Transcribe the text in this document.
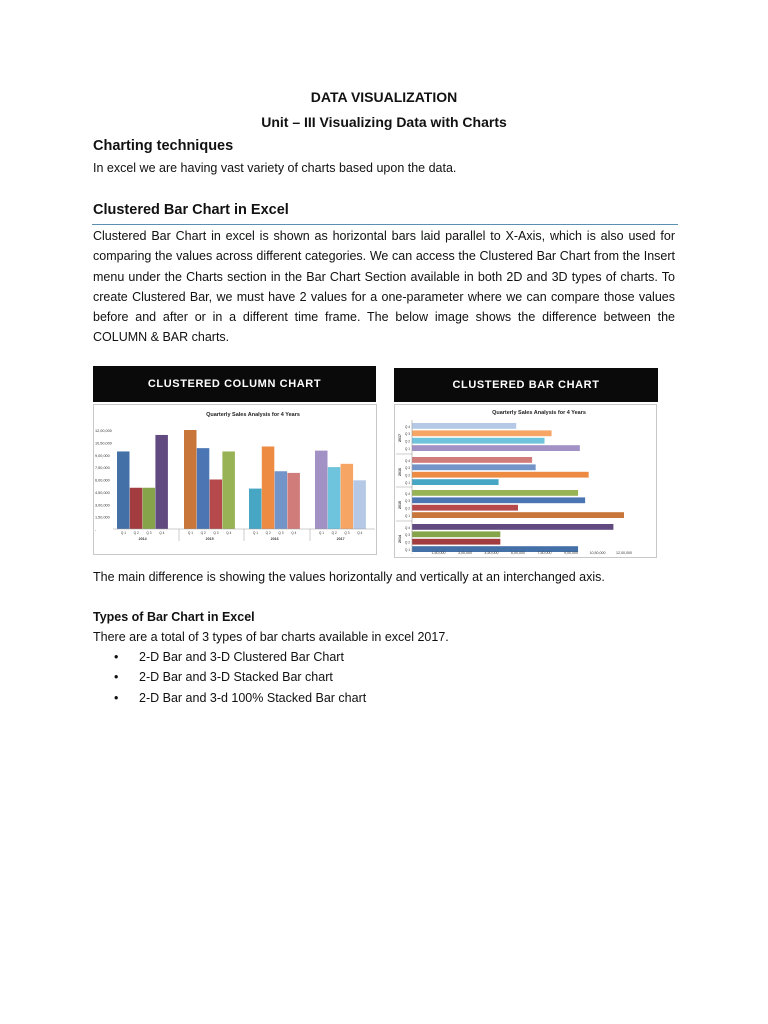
DATA VISUALIZATION
Unit – III Visualizing Data with Charts
Charting techniques
In excel we are having vast variety of charts based upon the data.
Clustered Bar Chart in Excel
Clustered Bar Chart in excel is shown as horizontal bars laid parallel to X-Axis, which is also used for comparing the values across different categories. We can access the Clustered Bar Chart from the Insert menu under the Charts section in the Bar Chart Section available in both 2D and 3D types of charts. To create Clustered Bar, we must have 2 values for a one-parameter where we can compare those values before and after or in a different time frame. The below image shows the difference between the COLUMN & BAR charts.
CLUSTERED COLUMN CHART
Quarterly Sales Analysis for 4 Years
-
1,50,000
3,00,000
4,50,000
6,00,000
7,50,000
9,00,000
10,50,000
12,00,000
Q 1 Q 2 Q 3 Q 4
2014
Q 1 Q 2 Q 3 Q 4
2015
Q 1 Q 2 Q 3 Q 4
2016
Q 1 Q 2 Q 3 Q 4
2017
CLUSTERED BAR CHART
Quarterly Sales Analysis for 4 Years
Q 4
Q 3
Q 2
Q 1
2017
Q 4
Q 3
Q 2
Q 1
2016
Q 4
Q 3
Q 2
Q 1
2015
Q 4
Q 3
Q 2
Q 1
2014
-	1,50,000	3,00,000	4,50,000	6,00,000	7,50,000	9,00,000	10,50,000	12,00,000
The main difference is showing the values horizontally and vertically at an interchanged axis.
Types of Bar Chart in Excel
There are a total of 3 types of bar charts available in excel 2017.
• 2-D Bar and 3-D Clustered Bar Chart
• 2-D Bar and 3-D Stacked Bar chart
• 2-D Bar and 3-d 100% Stacked Bar chart
